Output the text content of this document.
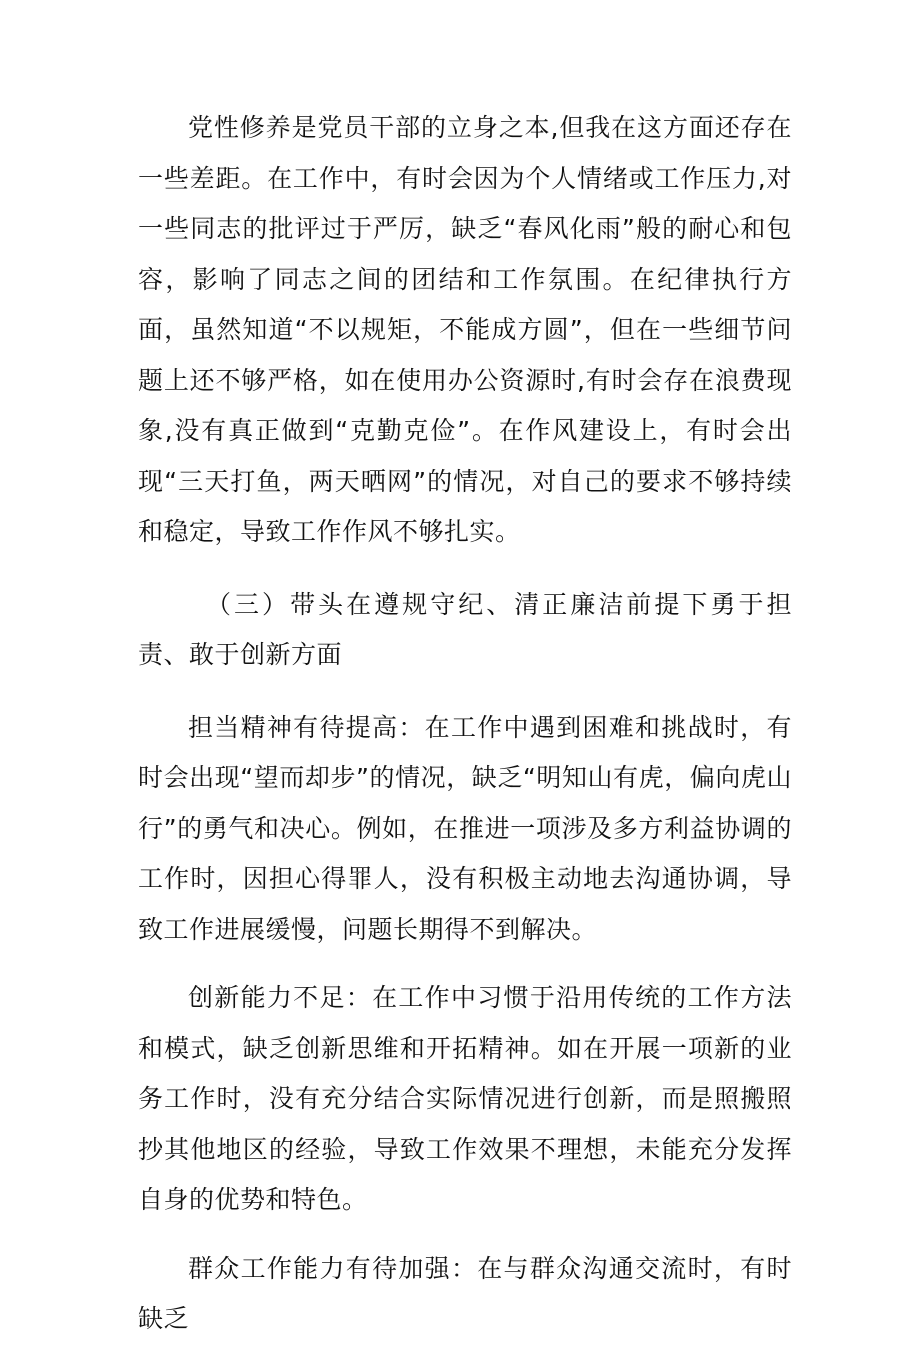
党性修养是党员干部的立身之本,但我在这方面还存在一些差距。在工作中，有时会因为个人情绪或工作压力,对一些同志的批评过于严厉，缺乏“春风化雨”般的耐心和包容，影响了同志之间的团结和工作氛围。在纪律执行方面，虽然知道“不以规矩，不能成方圆”，但在一些细节问题上还不够严格，如在使用办公资源时,有时会存在浪费现象,没有真正做到“克勤克俭”。在作风建设上，有时会出现“三天打鱼，两天晒网”的情况，对自己的要求不够持续和稳定，导致工作作风不够扎实。

（三）带头在遵规守纪、清正廉洁前提下勇于担责、敢于创新方面

担当精神有待提高：在工作中遇到困难和挑战时，有时会出现“望而却步”的情况，缺乏“明知山有虎，偏向虎山行”的勇气和决心。例如，在推进一项涉及多方利益协调的工作时，因担心得罪人，没有积极主动地去沟通协调，导致工作进展缓慢，问题长期得不到解决。

创新能力不足：在工作中习惯于沿用传统的工作方法和模式，缺乏创新思维和开拓精神。如在开展一项新的业务工作时，没有充分结合实际情况进行创新，而是照搬照抄其他地区的经验，导致工作效果不理想，未能充分发挥自身的优势和特色。

群众工作能力有待加强：在与群众沟通交流时，有时缺乏
